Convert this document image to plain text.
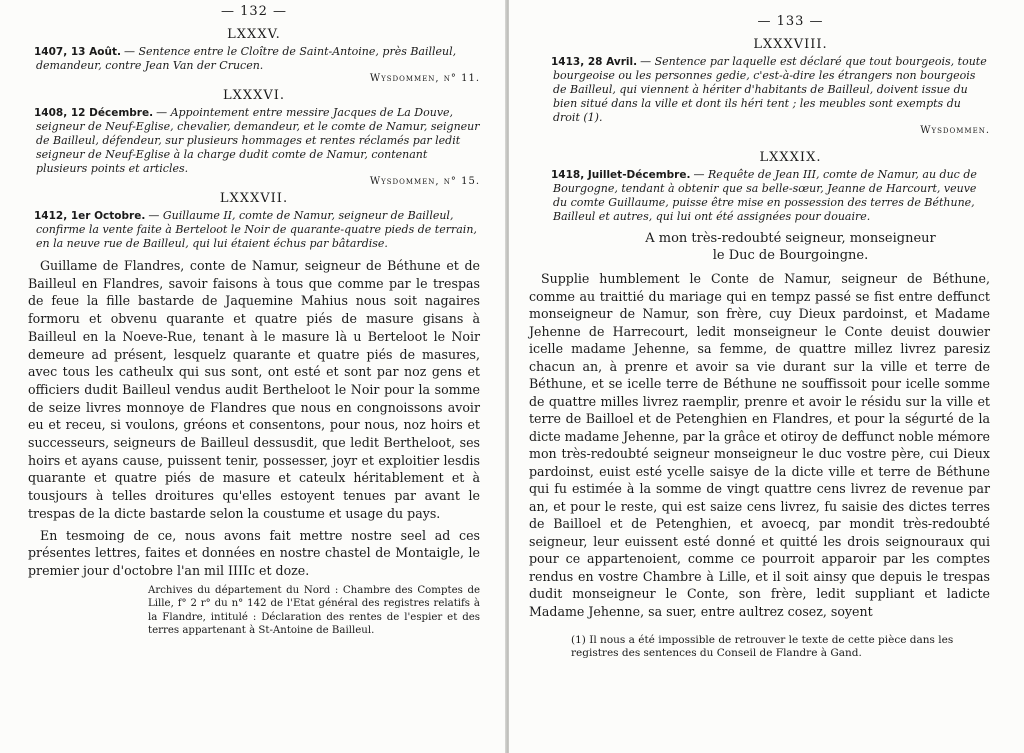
— 132 —
LXXXV.

1407, 13 Août. — Sentence entre le Cloître de Saint-Antoine, près Bailleul, demandeur, contre Jean Van der Crucen.

Wysdommen, n° 11.
LXXXVI.

1408, 12 Décembre. — Appointement entre messire Jacques de La Douve, seigneur de Neuf-Eglise, chevalier, demandeur, et le comte de Namur, seigneur de Bailleul, défendeur, sur plusieurs hommages et rentes réclamés par ledit seigneur de Neuf-Eglise à la charge dudit comte de Namur, contenant plusieurs points et articles.

Wysdommen, n° 15.
LXXXVII.

1412, 1er Octobre. — Guillaume II, comte de Namur, seigneur de Bailleul, confirme la vente faite à Berteloot le Noir de quarante-quatre pieds de terrain, en la neuve rue de Bailleul, qui lui étaient échus par bâtardise.

Guillame de Flandres, conte de Namur, seigneur de Béthune et de Bailleul en Flandres, savoir faisons à tous que comme par le trespas de feue la fille bastarde de Jaquemine Mahius nous soit nagaires formoru et obvenu quarante et quatre piés de masure gisans à Bailleul en la Noeve-Rue, tenant à le masure là u Berteloot le Noir demeure ad présent, lesquelz quarante et quatre piés de masures, avec tous les catheulx qui sus sont, ont esté et sont par noz gens et officiers dudit Bailleul vendus audit Bertheloot le Noir pour la somme de seize livres monnoye de Flandres que nous en congnoissons avoir eu et receu, si voulons, gréons et consentons, pour nous, noz hoirs et successeurs, seigneurs de Bailleul dessusdit, que ledit Bertheloot, ses hoirs et ayans cause, puissent tenir, possesser, joyr et exploitier lesdis quarante et quatre piés de masure et cateulx héritablement et à tousjours à telles droitures qu'elles estoyent tenues par avant le trespas de la dicte bastarde selon la coustume et usage du pays.

En tesmoing de ce, nous avons fait mettre nostre seel ad ces présentes lettres, faites et données en nostre chastel de Montaigle, le premier jour d'octobre l'an mil IIIIc et doze.

Archives du département du Nord : Chambre des Comptes de Lille, f° 2 r° du n° 142 de l'Etat général des registres relatifs à la Flandre, intitulé : Déclaration des rentes de l'espier et des terres appartenant à St-Antoine de Bailleul.

— 133 —
LXXXVIII.

1413, 28 Avril. — Sentence par laquelle est déclaré que tout bourgeois, toute bourgeoise ou les personnes gedie, c'est-à-dire les étrangers non bourgeois de Bailleul, qui viennent à hériter d'habitants de Bailleul, doivent issue du bien situé dans la ville et dont ils héri tent ; les meubles sont exempts du droit (1).

Wysdommen.
LXXXIX.

1418, Juillet-Décembre. — Requête de Jean III, comte de Namur, au duc de Bourgogne, tendant à obtenir que sa belle-sœur, Jeanne de Harcourt, veuve du comte Guillaume, puisse être mise en possession des terres de Béthune, Bailleul et autres, qui lui ont été assignées pour douaire.

A mon très-redoubté seigneur, monseigneur
le Duc de Bourgoingne.

Supplie humblement le Conte de Namur, seigneur de Béthune, comme au traittié du mariage qui en tempz passé se fist entre deffunct monseigneur de Namur, son frère, cuy Dieux pardoinst, et Madame Jehenne de Harrecourt, ledit monseigneur le Conte deuist douwier icelle madame Jehenne, sa femme, de quattre millez livrez paresiz chacun an, à prenre et avoir sa vie durant sur la ville et terre de Béthune, et se icelle terre de Béthune ne souffissoit pour icelle somme de quattre milles livrez raemplir, prenre et avoir le résidu sur la ville et terre de Bailloel et de Petenghien en Flandres, et pour la ségurté de la dicte madame Jehenne, par la grâce et otiroy de deffunct noble mémore mon très-redoubté seigneur monseigneur le duc vostre père, cui Dieux pardoinst, euist esté ycelle saisye de la dicte ville et terre de Béthune qui fu estimée à la somme de vingt quattre cens livrez de revenue par an, et pour le reste, qui est saize cens livrez, fu saisie des dictes terres de Bailloel et de Petenghien, et avoecq, par mondit très-redoubté seigneur, leur euissent esté donné et quitté les drois seignouraux qui pour ce appartenoient, comme ce pourroit apparoir par les comptes rendus en vostre Chambre à Lille, et il soit ainsy que depuis le trespas dudit monseigneur le Conte, son frère, ledit suppliant et ladicte Madame Jehenne, sa suer, entre aultrez cosez, soyent

(1) Il nous a été impossible de retrouver le texte de cette pièce dans les registres des sentences du Conseil de Flandre à Gand.
